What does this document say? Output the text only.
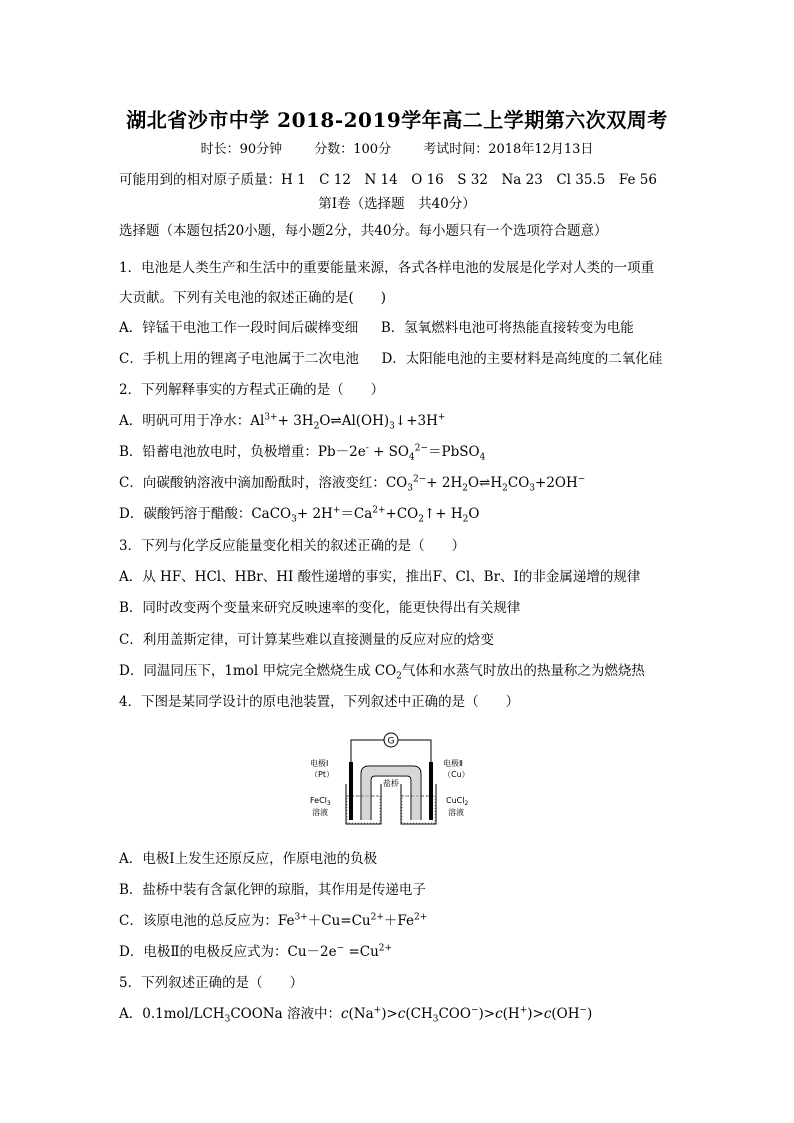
湖北省沙市中学 2018-2019学年高二上学期第六次双周考
时长：90分钟 分数：100分 考试时间：2018年12月13日
可能用到的相对原子质量：H 1　C 12　N 14　O 16　S 32　Na 23　Cl 35.5　Fe 56
第Ⅰ卷（选择题　共40分）
选择题（本题包括20小题，每小题2分，共40分。每小题只有一个选项符合题意）
1．电池是人类生产和生活中的重要能量来源，各式各样电池的发展是化学对人类的一项重
大贡献。下列有关电池的叙述正确的是(　　)
A．锌锰干电池工作一段时间后碳棒变细 B．氢氧燃料电池可将热能直接转变为电能
C．手机上用的锂离子电池属于二次电池 D．太阳能电池的主要材料是高纯度的二氧化硅
2．下列解释事实的方程式正确的是（　　）
A．明矾可用于净水：$Al^{3+}+$ $3H_2O\rightleftharpoons Al(OH)_3↓+3H^+$
B．铅蓄电池放电时，负极增重：$Pb-2e^- + SO_4^{2-}=PbSO_4$
C．向碳酸钠溶液中滴加酚酞时，溶液变红：$CO_3^{2-}+$ $2H_2O\rightleftharpoons H_2CO_3+2OH^-$
D．碳酸钙溶于醋酸：CaCO$_3$+ $2H^+=Ca^{2+}+CO_2↑+ H_2O$
3．下列与化学反应能量变化相关的叙述正确的是（　　）
A．从 HF、HCl、HBr、HI 酸性递增的事实，推出F、Cl、Br、I的非金属递增的规律
B．同时改变两个变量来研究反映速率的变化，能更快得出有关规律
C．利用盖斯定律，可计算某些难以直接测量的反应对应的焓变
D．同温同压下，1mol 甲烷完全燃烧生成 $CO_2$气体和水蒸气时放出的热量称之为燃烧热
4．下图是某同学设计的原电池装置，下列叙述中正确的是（　　）
G
盐桥
电极Ⅰ
（Pt）
电极Ⅱ
（Cu）
FeCl$_3$
溶液
CuCl$_2$
溶液
A．电极Ⅰ上发生还原反应，作原电池的负极
B．盐桥中装有含氯化钾的琼脂，其作用是传递电子
C．该原电池的总反应为：$Fe^{3+}+Cu=Cu^{2+}+Fe^{2+}$
D．电极Ⅱ的电极反应式为：$Cu-2e^- =Cu^{2+}$
5．下列叙述正确的是（　　）
A．$0.1mol/LCH_3COONa$ 溶液中：$c(Na^+)>c(CH_3COO^-)>c(H^+)>c(OH^-)$
